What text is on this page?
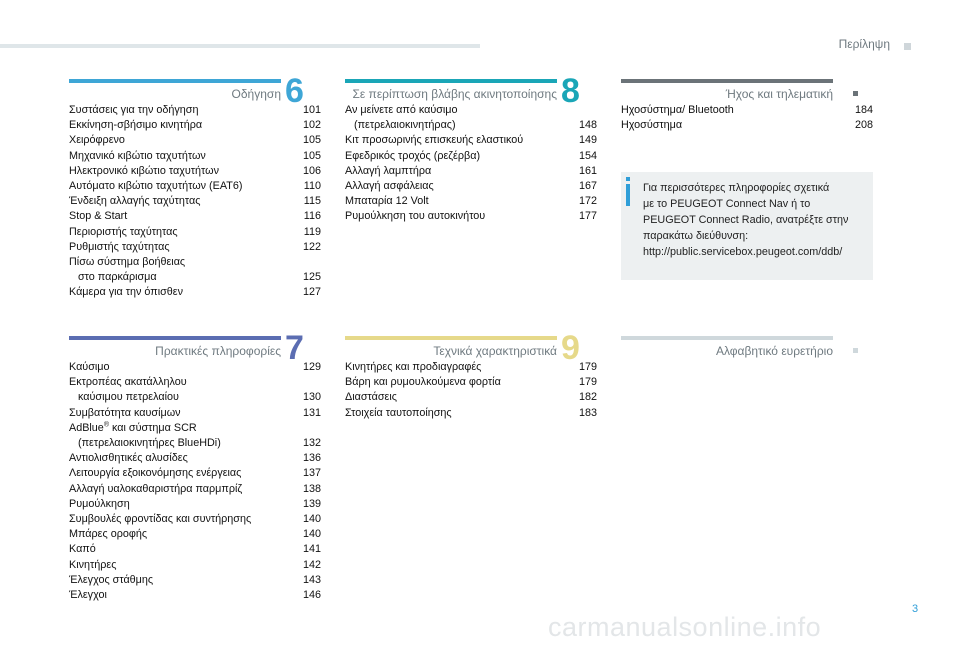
Περίληψη
Οδήγηση 6
Συστάσεις για την οδήγηση	101
Εκκίνηση-σβήσιμο κινητήρα	102
Χειρόφρενο	105
Μηχανικό κιβώτιο ταχυτήτων	105
Ηλεκτρονικό κιβώτιο ταχυτήτων	106
Αυτόματο κιβώτιο ταχυτήτων (EAT6)	110
Ένδειξη αλλαγής ταχύτητας	115
Stop & Start	116
Περιοριστής ταχύτητας	119
Ρυθμιστής ταχύτητας	122
Πίσω σύστημα βοήθειας
στο παρκάρισμα	125
Κάμερα για την όπισθεν	127
Πρακτικές πληροφορίες 7
Καύσιμο	129
Εκτροπέας ακατάλληλου
καύσιμου πετρελαίου	130
Συμβατότητα καυσίμων	131
AdBlue® και σύστημα SCR
(πετρελαιοκινητήρες BlueHDi)	132
Αντιολισθητικές αλυσίδες	136
Λειτουργία εξοικονόμησης ενέργειας	137
Αλλαγή υαλοκαθαριστήρα παρμπρίζ	138
Ρυμούλκηση	139
Συμβουλές φροντίδας και συντήρησης	140
Μπάρες οροφής	140
Καπό	141
Κινητήρες	142
Έλεγχος στάθμης	143
Έλεγχοι	146
Σε περίπτωση βλάβης ακινητοποίησης 8
Αν μείνετε από καύσιμο
(πετρελαιοκινητήρας)	148
Κιτ προσωρινής επισκευής ελαστικού	149
Εφεδρικός τροχός (ρεζέρβα)	154
Αλλαγή λαμπτήρα	161
Αλλαγή ασφάλειας	167
Μπαταρία 12 Volt	172
Ρυμούλκηση του αυτοκινήτου	177
Τεχνικά χαρακτηριστικά 9
Κινητήρες και προδιαγραφές	179
Βάρη και ρυμουλκούμενα φορτία	179
Διαστάσεις	182
Στοιχεία ταυτοποίησης	183
Ήχος και τηλεματική
Ηχοσύστημα/ Bluetooth	184
Ηχοσύστημα	208
Για περισσότερες πληροφορίες σχετικά
με το PEUGEOT Connect Nav ή το
PEUGEOT Connect Radio, ανατρέξτε στην
παρακάτω διεύθυνση:
http://public.servicebox.peugeot.com/ddb/
Αλφαβητικό ευρετήριο
3
carmanualsonline.info
